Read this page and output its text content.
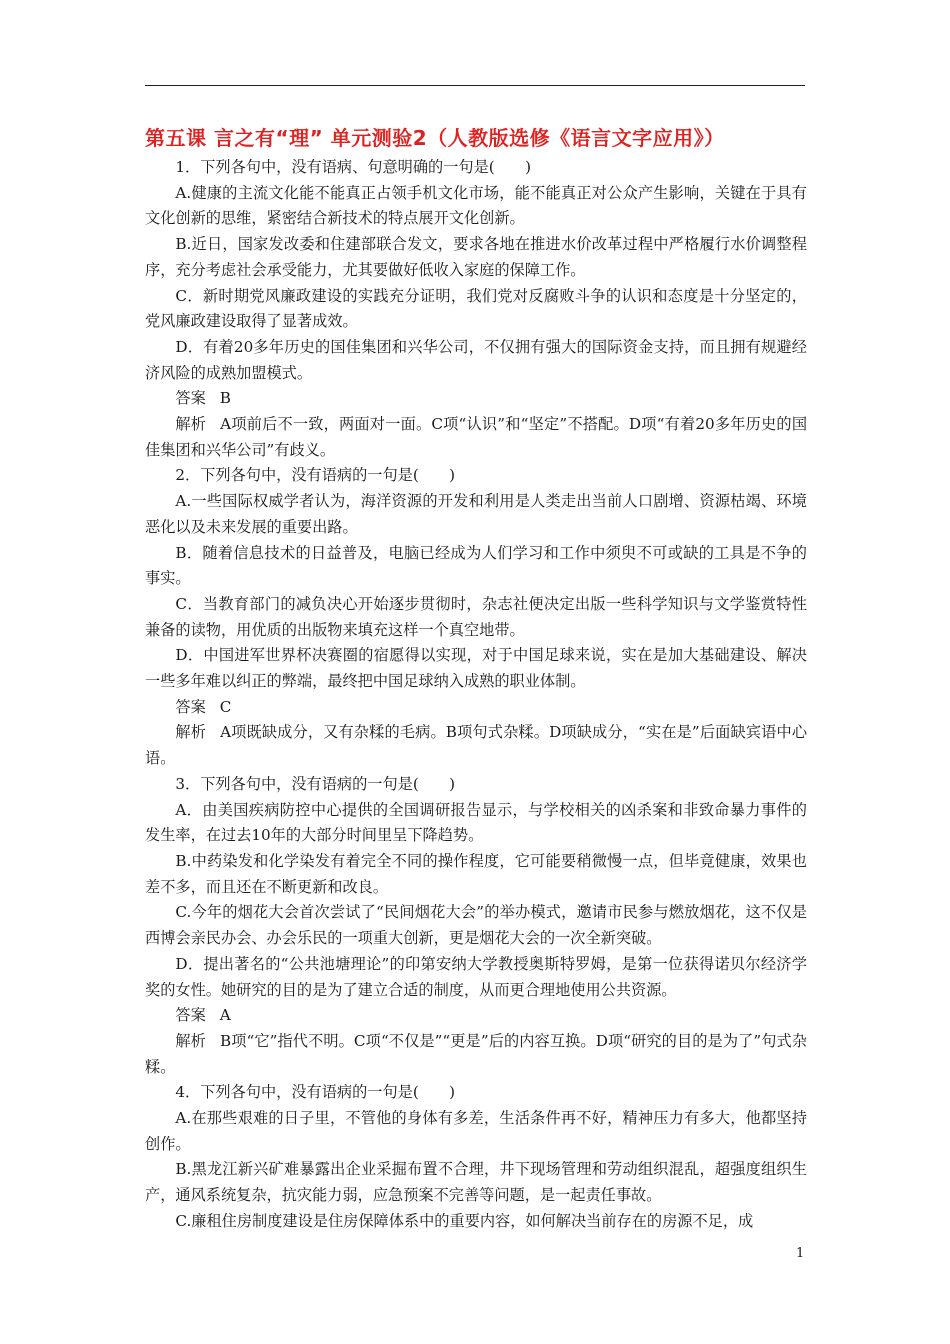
第五课 言之有“理” 单元测验2（人教版选修《语言文字应用》）

1．下列各句中，没有语病、句意明确的一句是(　　)

A.健康的主流文化能不能真正占领手机文化市场，能不能真正对公众产生影响，关键在于具有文化创新的思维，紧密结合新技术的特点展开文化创新。

B.近日，国家发改委和住建部联合发文，要求各地在推进水价改革过程中严格履行水价调整程序，充分考虑社会承受能力，尤其要做好低收入家庭的保障工作。

C．新时期党风廉政建设的实践充分证明，我们党对反腐败斗争的认识和态度是十分坚定的，党风廉政建设取得了显著成效。

D．有着20多年历史的国佳集团和兴华公司，不仅拥有强大的国际资金支持，而且拥有规避经济风险的成熟加盟模式。

答案 B

解析 A项前后不一致，两面对一面。C项“认识”和“坚定”不搭配。D项“有着20多年历史的国佳集团和兴华公司”有歧义。

2．下列各句中，没有语病的一句是(　　)

A.一些国际权威学者认为，海洋资源的开发和利用是人类走出当前人口剧增、资源枯竭、环境恶化以及未来发展的重要出路。

B．随着信息技术的日益普及，电脑已经成为人们学习和工作中须臾不可或缺的工具是不争的事实。

C．当教育部门的减负决心开始逐步贯彻时，杂志社便决定出版一些科学知识与文学鉴赏特性兼备的读物，用优质的出版物来填充这样一个真空地带。

D．中国进军世界杯决赛圈的宿愿得以实现，对于中国足球来说，实在是加大基础建设、解决一些多年难以纠正的弊端，最终把中国足球纳入成熟的职业体制。

答案 C

解析 A项既缺成分，又有杂糅的毛病。B项句式杂糅。D项缺成分，“实在是”后面缺宾语中心语。

3．下列各句中，没有语病的一句是(　　)

A．由美国疾病防控中心提供的全国调研报告显示，与学校相关的凶杀案和非致命暴力事件的发生率，在过去10年的大部分时间里呈下降趋势。

B.中药染发和化学染发有着完全不同的操作程度，它可能要稍微慢一点，但毕竟健康，效果也差不多，而且还在不断更新和改良。

C.今年的烟花大会首次尝试了“民间烟花大会”的举办模式，邀请市民参与燃放烟花，这不仅是西博会亲民办会、办会乐民的一项重大创新，更是烟花大会的一次全新突破。

D．提出著名的“公共池塘理论”的印第安纳大学教授奥斯特罗姆，是第一位获得诺贝尔经济学奖的女性。她研究的目的是为了建立合适的制度，从而更合理地使用公共资源。

答案 A

解析 B项“它”指代不明。C项“不仅是”“更是”后的内容互换。D项“研究的目的是为了”句式杂糅。

4．下列各句中，没有语病的一句是(　　)

A.在那些艰难的日子里，不管他的身体有多差，生活条件再不好，精神压力有多大，他都坚持创作。

B.黑龙江新兴矿难暴露出企业采掘布置不合理，井下现场管理和劳动组织混乱，超强度组织生产，通风系统复杂，抗灾能力弱，应急预案不完善等问题，是一起责任事故。

C.廉租住房制度建设是住房保障体系中的重要内容，如何解决当前存在的房源不足，成

1
